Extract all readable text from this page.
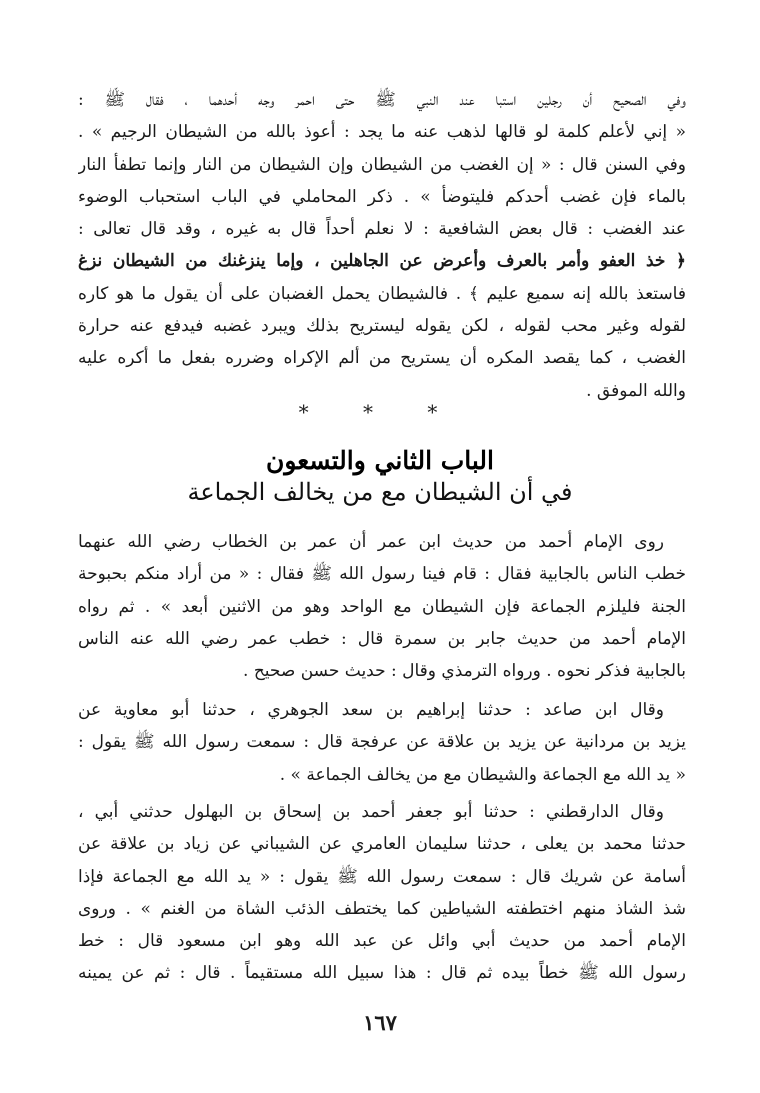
وفي الصحيح أن رجلين استبا عند النبي ﷺ حتى احمر وجه أحدهما ، فقال ﷺ :
« إني لأعلم كلمة لو قالها لذهب عنه ما يجد : أعوذ بالله من الشيطان الرجيم » .
وفي السنن قال : « إن الغضب من الشيطان وإن الشيطان من النار وإنما تطفأ النار
بالماء فإن غضب أحدكم فليتوضأ » . ذكر المحاملي في الباب استحباب الوضوء
عند الغضب : قال بعض الشافعية : لا نعلم أحداً قال به غيره ، وقد قال تعالى :
﴿ خذ العفو وأمر بالعرف وأعرض عن الجاهلين ، وإما ينزغنك من الشيطان نزغ
فاستعذ بالله إنه سميع عليم ﴾ . فالشيطان يحمل الغضبان على أن يقول ما هو كاره
لقوله وغير محب لقوله ، لكن يقوله ليستريح بذلك ويبرد غضبه فيدفع عنه حرارة
الغضب ، كما يقصد المكره أن يستريح من ألم الإكراه وضرره بفعل ما أكره عليه
والله الموفق .
* * *
الباب الثاني والتسعون
في أن الشيطان مع من يخالف الجماعة
روى الإمام أحمد من حديث ابن عمر أن عمر بن الخطاب رضي الله عنهما
خطب الناس بالجابية فقال : قام فينا رسول الله ﷺ فقال : « من أراد منكم بحبوحة
الجنة فليلزم الجماعة فإن الشيطان مع الواحد وهو من الاثنين أبعد » . ثم رواه
الإمام أحمد من حديث جابر بن سمرة قال : خطب عمر رضي الله عنه الناس
بالجابية فذكر نحوه . ورواه الترمذي وقال : حديث حسن صحيح .
وقال ابن صاعد : حدثنا إبراهيم بن سعد الجوهري ، حدثنا أبو معاوية عن
يزيد بن مردانية عن يزيد بن علاقة عن عرفجة قال : سمعت رسول الله ﷺ يقول :
« يد الله مع الجماعة والشيطان مع من يخالف الجماعة » .
وقال الدارقطني : حدثنا أبو جعفر أحمد بن إسحاق بن البهلول حدثني أبي ،
حدثنا محمد بن يعلى ، حدثنا سليمان العامري عن الشيباني عن زياد بن علاقة عن
أسامة عن شريك قال : سمعت رسول الله ﷺ يقول : « يد الله مع الجماعة فإذا
شذ الشاذ منهم اختطفته الشياطين كما يختطف الذئب الشاة من الغنم » . وروى
الإمام أحمد من حديث أبي وائل عن عبد الله وهو ابن مسعود قال : خط
رسول الله ﷺ خطاً بيده ثم قال : هذا سبيل الله مستقيماً . قال : ثم عن يمينه
١٦٧
